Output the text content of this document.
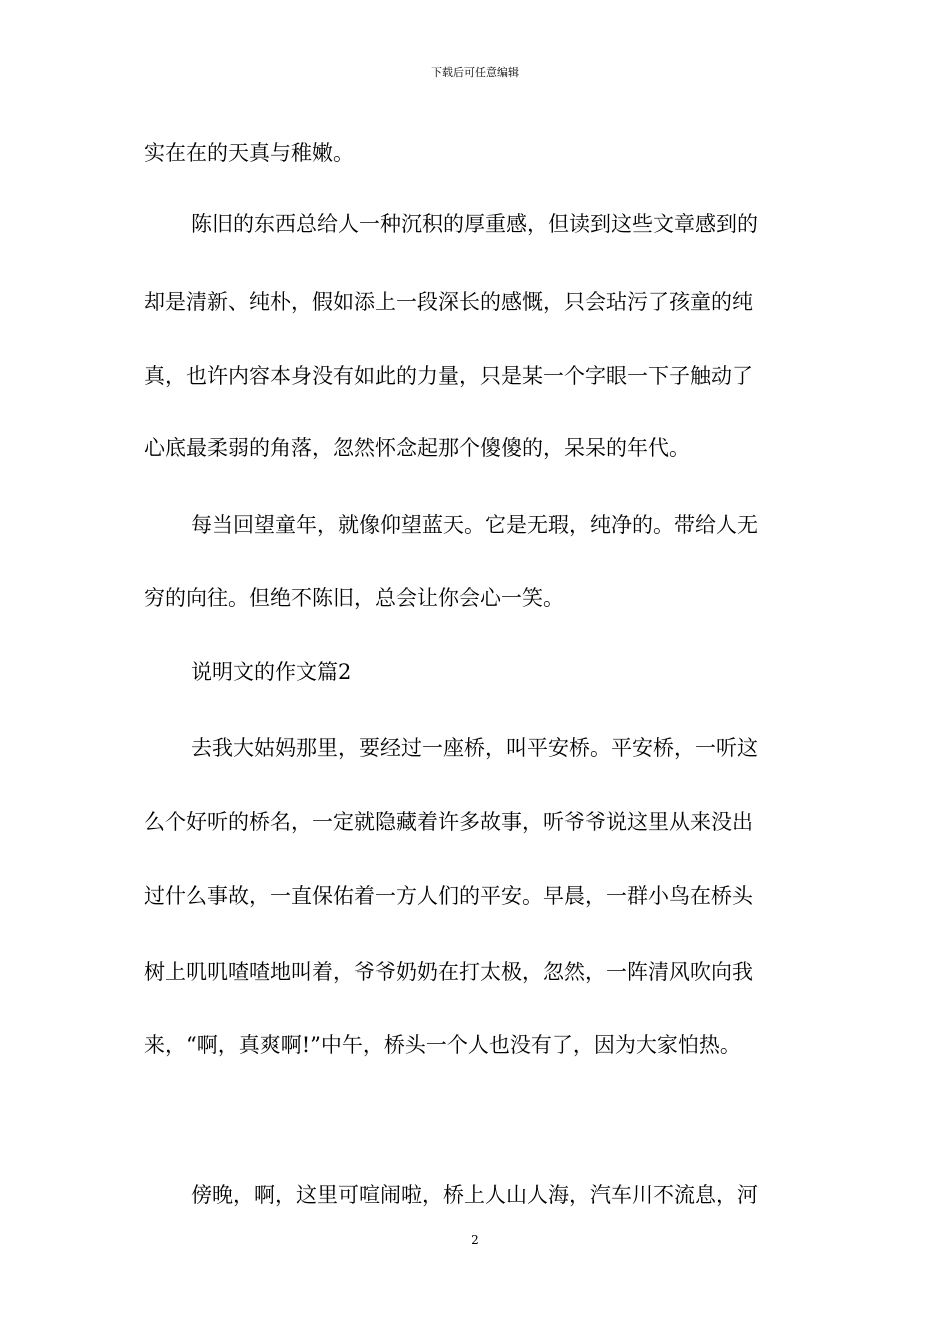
下载后可任意编辑
实在在的天真与稚嫩。
陈旧的东西总给人一种沉积的厚重感，但读到这些文章感到的
却是清新、纯朴，假如添上一段深长的感慨，只会玷污了孩童的纯
真，也许内容本身没有如此的力量，只是某一个字眼一下子触动了
心底最柔弱的角落，忽然怀念起那个傻傻的，呆呆的年代。
每当回望童年，就像仰望蓝天。它是无瑕，纯净的。带给人无
穷的向往。但绝不陈旧，总会让你会心一笑。
说明文的作文篇2
去我大姑妈那里，要经过一座桥，叫平安桥。平安桥，一听这
么个好听的桥名，一定就隐藏着许多故事，听爷爷说这里从来没出
过什么事故，一直保佑着一方人们的平安。早晨，一群小鸟在桥头
树上叽叽喳喳地叫着，爷爷奶奶在打太极，忽然，一阵清风吹向我
来，“啊，真爽啊!”中午，桥头一个人也没有了，因为大家怕热。
傍晚，啊，这里可喧闹啦，桥上人山人海，汽车川不流息，河
2
